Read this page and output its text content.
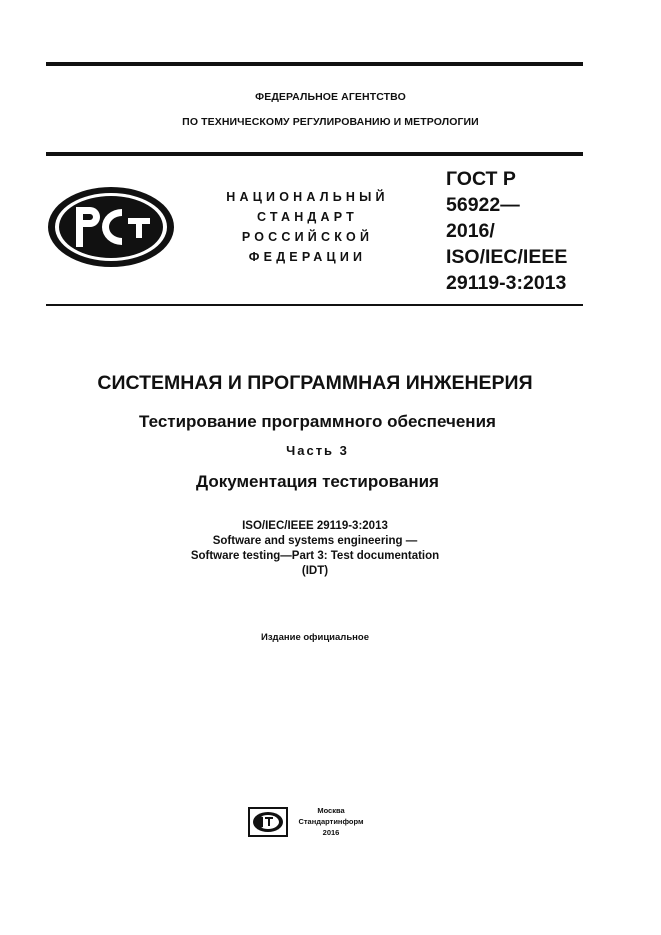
ФЕДЕРАЛЬНОЕ АГЕНТСТВО
ПО ТЕХНИЧЕСКОМУ РЕГУЛИРОВАНИЮ И МЕТРОЛОГИИ
НАЦИОНАЛЬНЫЙ
СТАНДАРТ
РОССИЙСКОЙ
ФЕДЕРАЦИИ
ГОСТ Р
56922—
2016/
ISO/IEC/IEEE
29119-3:2013
СИСТЕМНАЯ И ПРОГРАММНАЯ ИНЖЕНЕРИЯ
Тестирование программного обеспечения
Часть 3
Документация тестирования
ISO/IEC/IEEE 29119-3:2013
Software and systems engineering —
Software testing—Part 3: Test documentation
(IDT)
Издание официальное
Москва
Стандартинформ
2016
